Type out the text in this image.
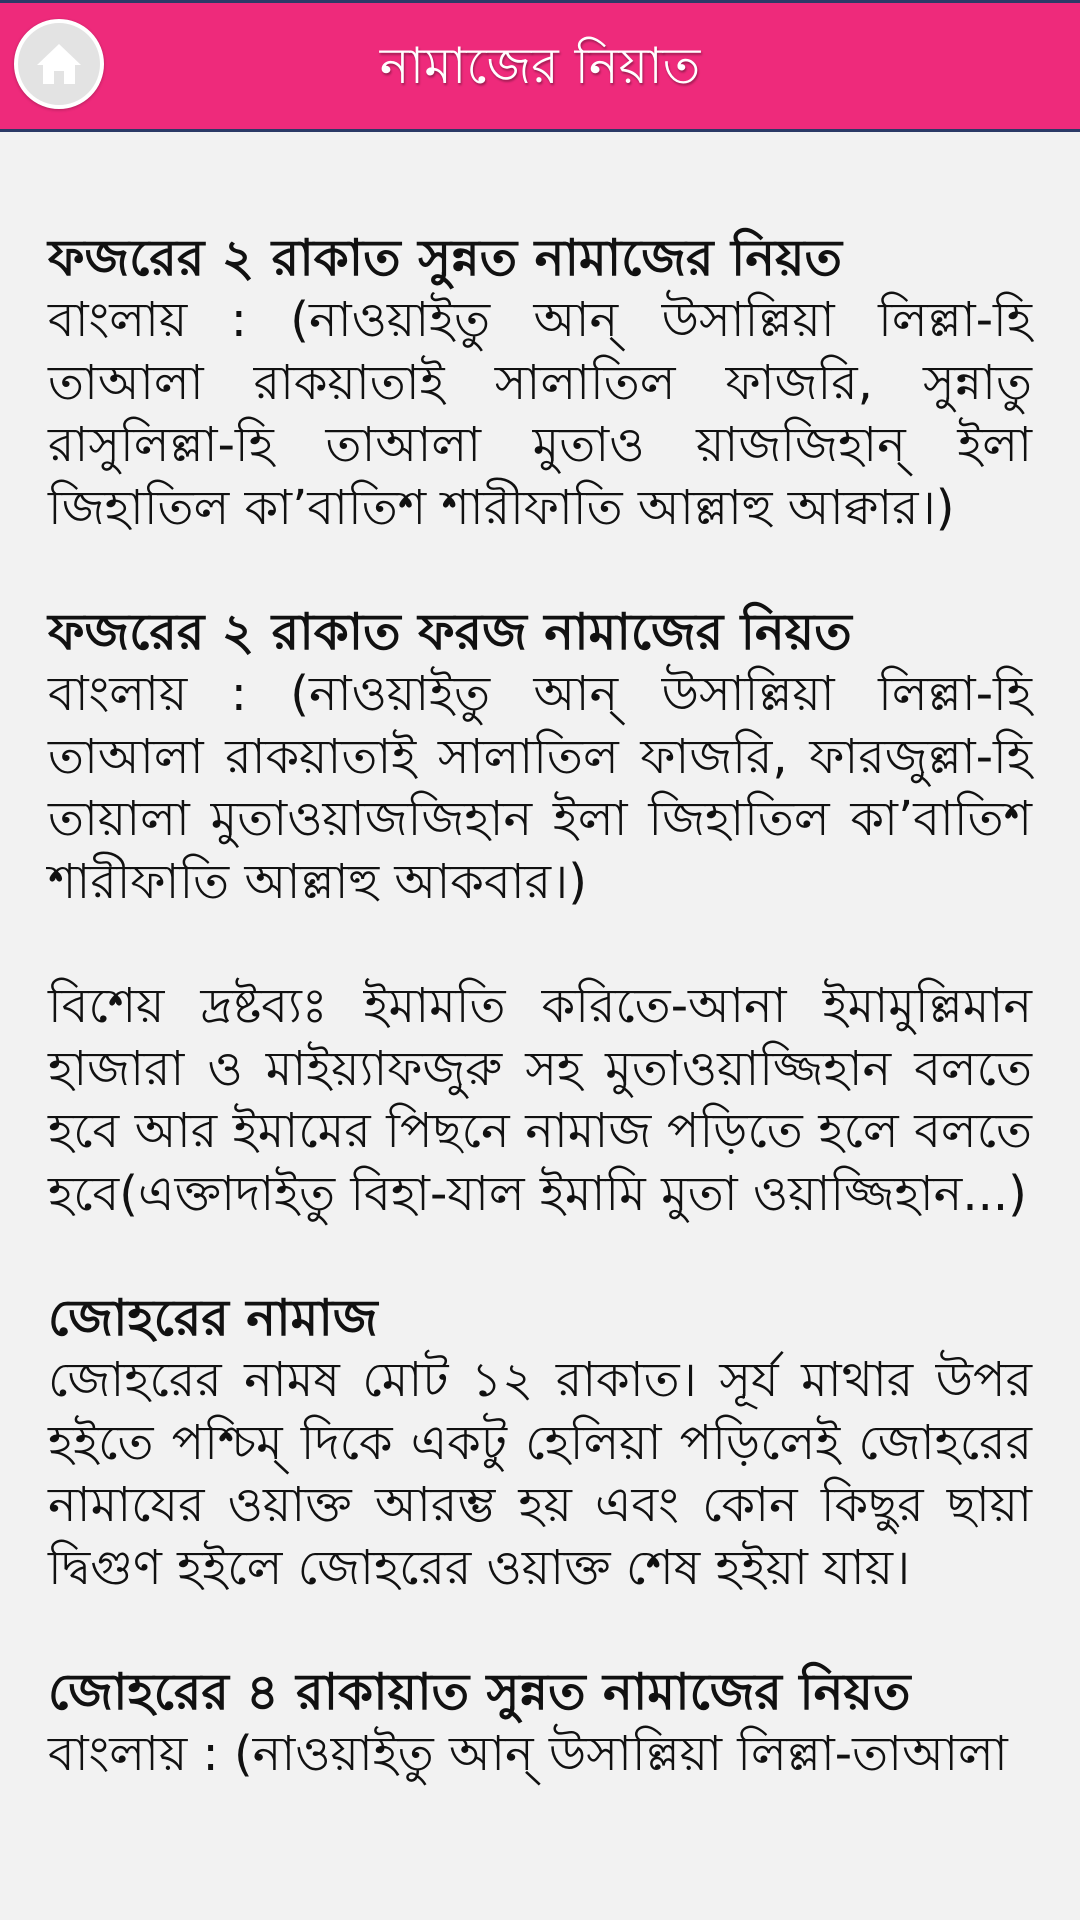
নামাজের নিয়াত

ফজরের ২ রাকাত সুন্নত নামাজের নিয়ত

বাংলায় : (নাওয়াইতু আন্ উসাল্লিয়া লিল্লা-হি তাআলা রাকয়াতাই সালাতিল ফাজরি, সুন্নাতু রাসুলিল্লা-হি তাআলা মুতাও য়াজজিহান্ ইলা জিহাতিল কা’বাতিশ শারীফাতি আল্লাহু আক্বার।)

ফজরের ২ রাকাত ফরজ নামাজের নিয়ত

বাংলায় : (নাওয়াইতু আন্ উসাল্লিয়া লিল্লা-হি তাআলা রাকয়াতাই সালাতিল ফাজরি, ফারজুল্লা-হি তায়ালা মুতাওয়াজজিহান ইলা জিহাতিল কা’বাতিশ শারীফাতি আল্লাহু আকবার।)

বিশেয় দ্রষ্টব্যঃ ইমামতি করিতে-আনা ইমামুল্লিমান হাজারা ও মাইয়্যাফজুরু সহ মুতাওয়াজ্জিহান বলতে হবে আর ইমামের পিছনে নামাজ পড়িতে হলে বলতে হবে(এক্তাদাইতু বিহা-যাল ইমামি মুতা ওয়াজ্জিহান...)

জোহরের নামাজ

জোহরের নামষ মোট ১২ রাকাত। সূর্য মাথার উপর হইতে পশ্চিম্ দিকে একটু হেলিয়া পড়িলেই জোহরের নামাযের ওয়াক্ত আরম্ভ হয় এবং কোন কিছুর ছায়া দ্বিগুণ হইলে জোহরের ওয়াক্ত শেষ হইয়া যায়।

জোহরের ৪ রাকায়াত সুন্নত নামাজের নিয়ত

বাংলায় : (নাওয়াইতু আন্ উসাল্লিয়া লিল্লা-তাআলা
